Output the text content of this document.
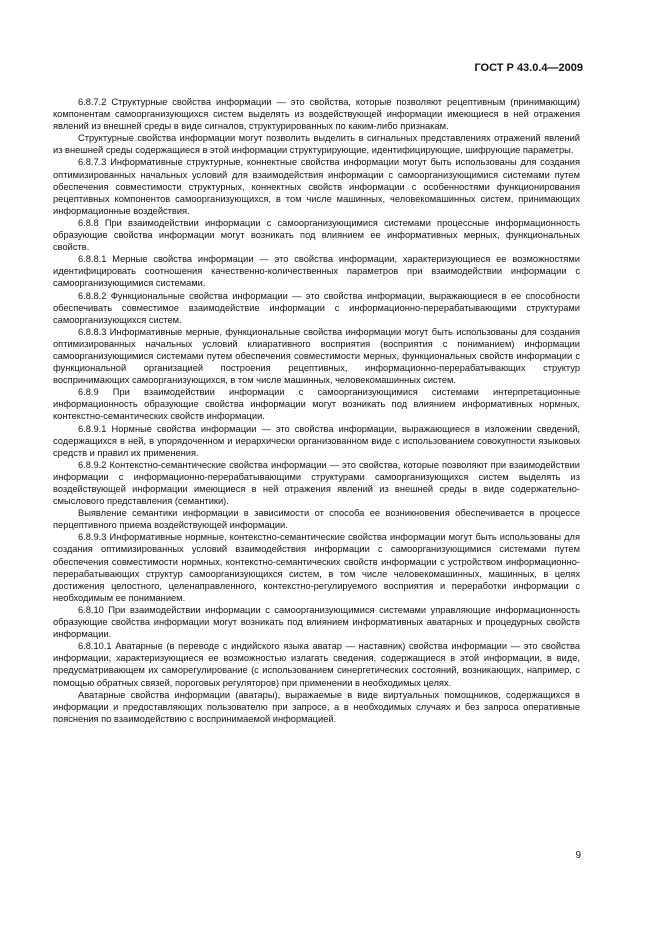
ГОСТ Р 43.0.4—2009

6.8.7.2 Структурные свойства информации — это свойства, которые позволяют рецептивным (принимающим) компонентам самоорганизующихся систем выделять из воздействующей информации имеющиеся в ней отражения явлений из внешней среды в виде сигналов, структурированных по каким-либо признакам.

Структурные свойства информации могут позволить выделить в сигнальных представлениях отражений явлений из внешней среды содержащиеся в этой информации структурирующие, идентифицирующие, шифрующие параметры.

6.8.7.3 Информативные структурные, коннектные свойства информации могут быть использованы для создания оптимизированных начальных условий для взаимодействия информации с самоорганизующимися системами путем обеспечения совместимости структурных, коннектных свойств информации с особенностями функционирования рецептивных компонентов самоорганизующихся, в том числе машинных, человекомашинных систем, принимающих информационные воздействия.

6.8.8 При взаимодействии информации с самоорганизующимися системами процессные информационность образующие свойства информации могут возникать под влиянием ее информативных мерных, функциональных свойств.

6.8.8.1 Мерные свойства информации — это свойства информации, характеризующиеся ее возможностями идентифицировать соотношения качественно-количественных параметров при взаимодействии информации с самоорганизующимися системами.

6.8.8.2 Функциональные свойства информации — это свойства информации, выражающиеся в ее способности обеспечивать совместимое взаимодействие информации с информационно-перерабатывающими структурами самоорганизующихся систем.

6.8.8.3 Информативные мерные, функциональные свойства информации могут быть использованы для создания оптимизированных начальных условий клиаративного восприятия (восприятия с пониманием) информации самоорганизующимися системами путем обеспечения совместимости мерных, функциональных свойств информации с функциональной организацией построения рецептивных, информационно-перерабатывающих структур воспринимающих самоорганизующихся, в том числе машинных, человекомашинных систем.

6.8.9 При взаимодействии информации с самоорганизующимися системами интерпретационные информационность образующие свойства информации могут возникать под влиянием информативных нормных, контекстно-семантических свойств информации.

6.8.9.1 Нормные свойства информации — это свойства информации, выражающиеся в изложении сведений, содержащихся в ней, в упорядоченном и иерархически организованном виде с использованием совокупности языковых средств и правил их применения.

6.8.9.2 Контекстно-семантические свойства информации — это свойства, которые позволяют при взаимодействии информации с информационно-перерабатывающими структурами самоорганизующихся систем выделять из воздействующей информации имеющиеся в ней отражения явлений из внешней среды в виде содержательно-смыслового представления (семантики).

Выявление семантики информации в зависимости от способа ее возникновения обеспечивается в процессе перцептивного приема воздействующей информации.

6.8.9.3 Информативные нормные, контекстно-семантические свойства информации могут быть использованы для создания оптимизированных условий взаимодействия информации с самоорганизующимися системами путем обеспечения совместимости нормных, контекстно-семантических свойств информации с устройством информационно-перерабатывающих структур самоорганизующихся систем, в том числе человекомашинных, машинных, в целях достижения целостного, целенаправленного, контекстно-регулируемого восприятия и переработки информации с необходимым ее пониманием.

6.8.10 При взаимодействии информации с самоорганизующимися системами управляющие информационность образующие свойства информации могут возникать под влиянием информативных аватарных и процедурных свойств информации.

6.8.10.1 Аватарные (в переводе с индийского языка аватар — наставник) свойства информации — это свойства информации, характеризующиеся ее возможностью излагать сведения, содержащиеся в этой информации, в виде, предусматривающем их саморегулирование (с использованием синергетических состояний, возникающих, например, с помощью обратных связей, пороговых регуляторов) при применении в необходимых целях.

Аватарные свойства информации (аватары), выражаемые в виде виртуальных помощников, содержащихся в информации и предоставляющих пользователю при запросе, а в необходимых случаях и без запроса оперативные пояснения по взаимодействию с воспринимаемой информацией.

9
